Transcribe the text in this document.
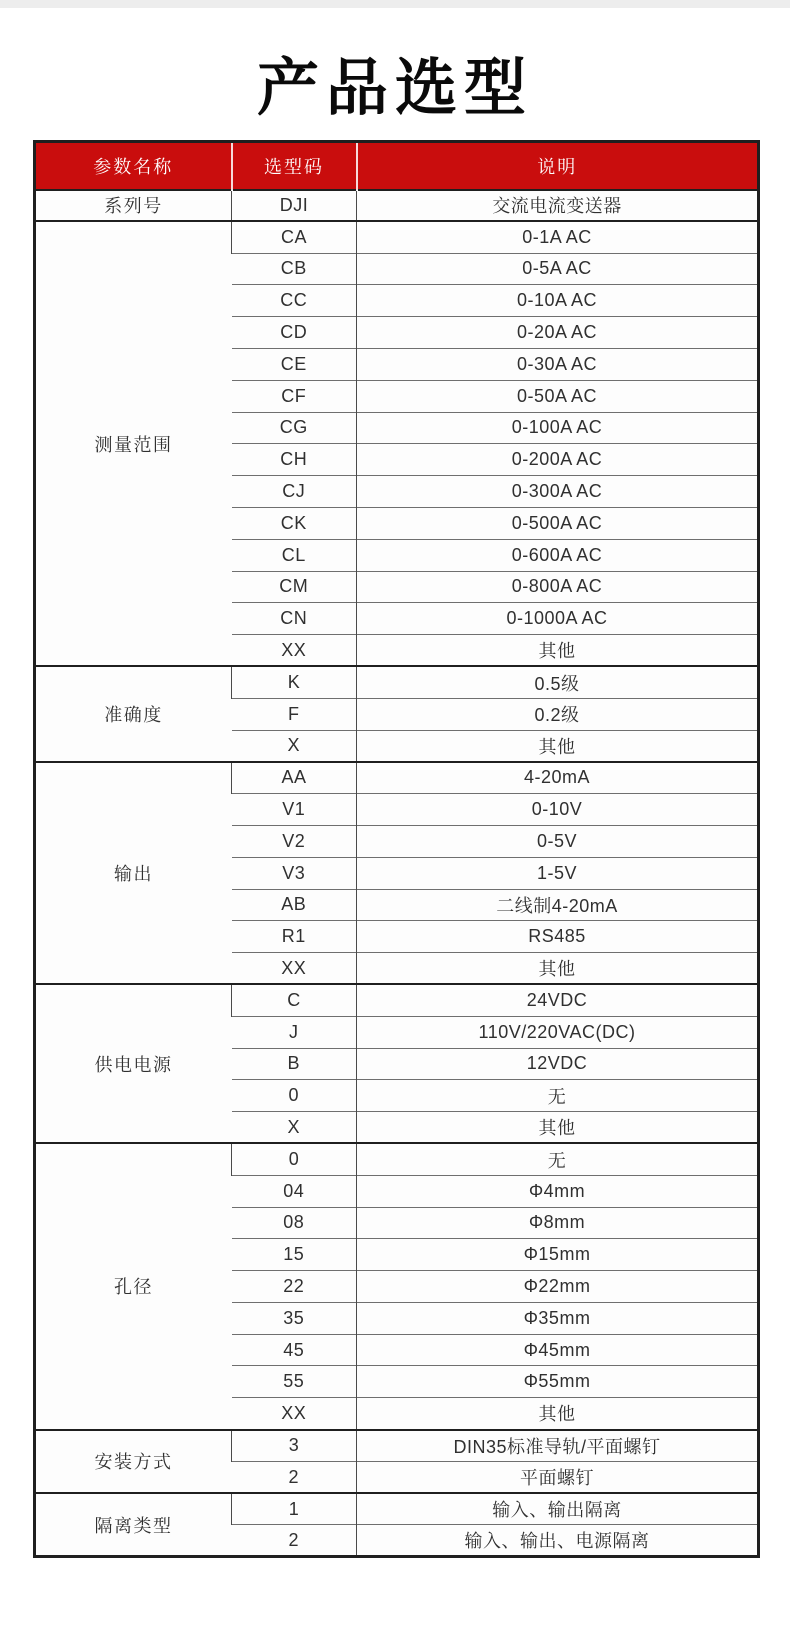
产品选型
参数名称	选型码	说明
系列号	DJI	交流电流变送器
测量范围	CA	0-1A AC
	CB	0-5A AC
	CC	0-10A AC
	CD	0-20A AC
	CE	0-30A AC
	CF	0-50A AC
	CG	0-100A AC
	CH	0-200A AC
	CJ	0-300A AC
	CK	0-500A AC
	CL	0-600A AC
	CM	0-800A AC
	CN	0-1000A AC
	XX	其他
准确度	K	0.5级
	F	0.2级
	X	其他
输出	AA	4-20mA
	V1	0-10V
	V2	0-5V
	V3	1-5V
	AB	二线制4-20mA
	R1	RS485
	XX	其他
供电电源	C	24VDC
	J	110V/220VAC(DC)
	B	12VDC
	0	无
	X	其他
孔径	0	无
	04	Φ4mm
	08	Φ8mm
	15	Φ15mm
	22	Φ22mm
	35	Φ35mm
	45	Φ45mm
	55	Φ55mm
	XX	其他
安装方式	3	DIN35标准导轨/平面螺钉
	2	平面螺钉
隔离类型	1	输入、输出隔离
	2	输入、输出、电源隔离
